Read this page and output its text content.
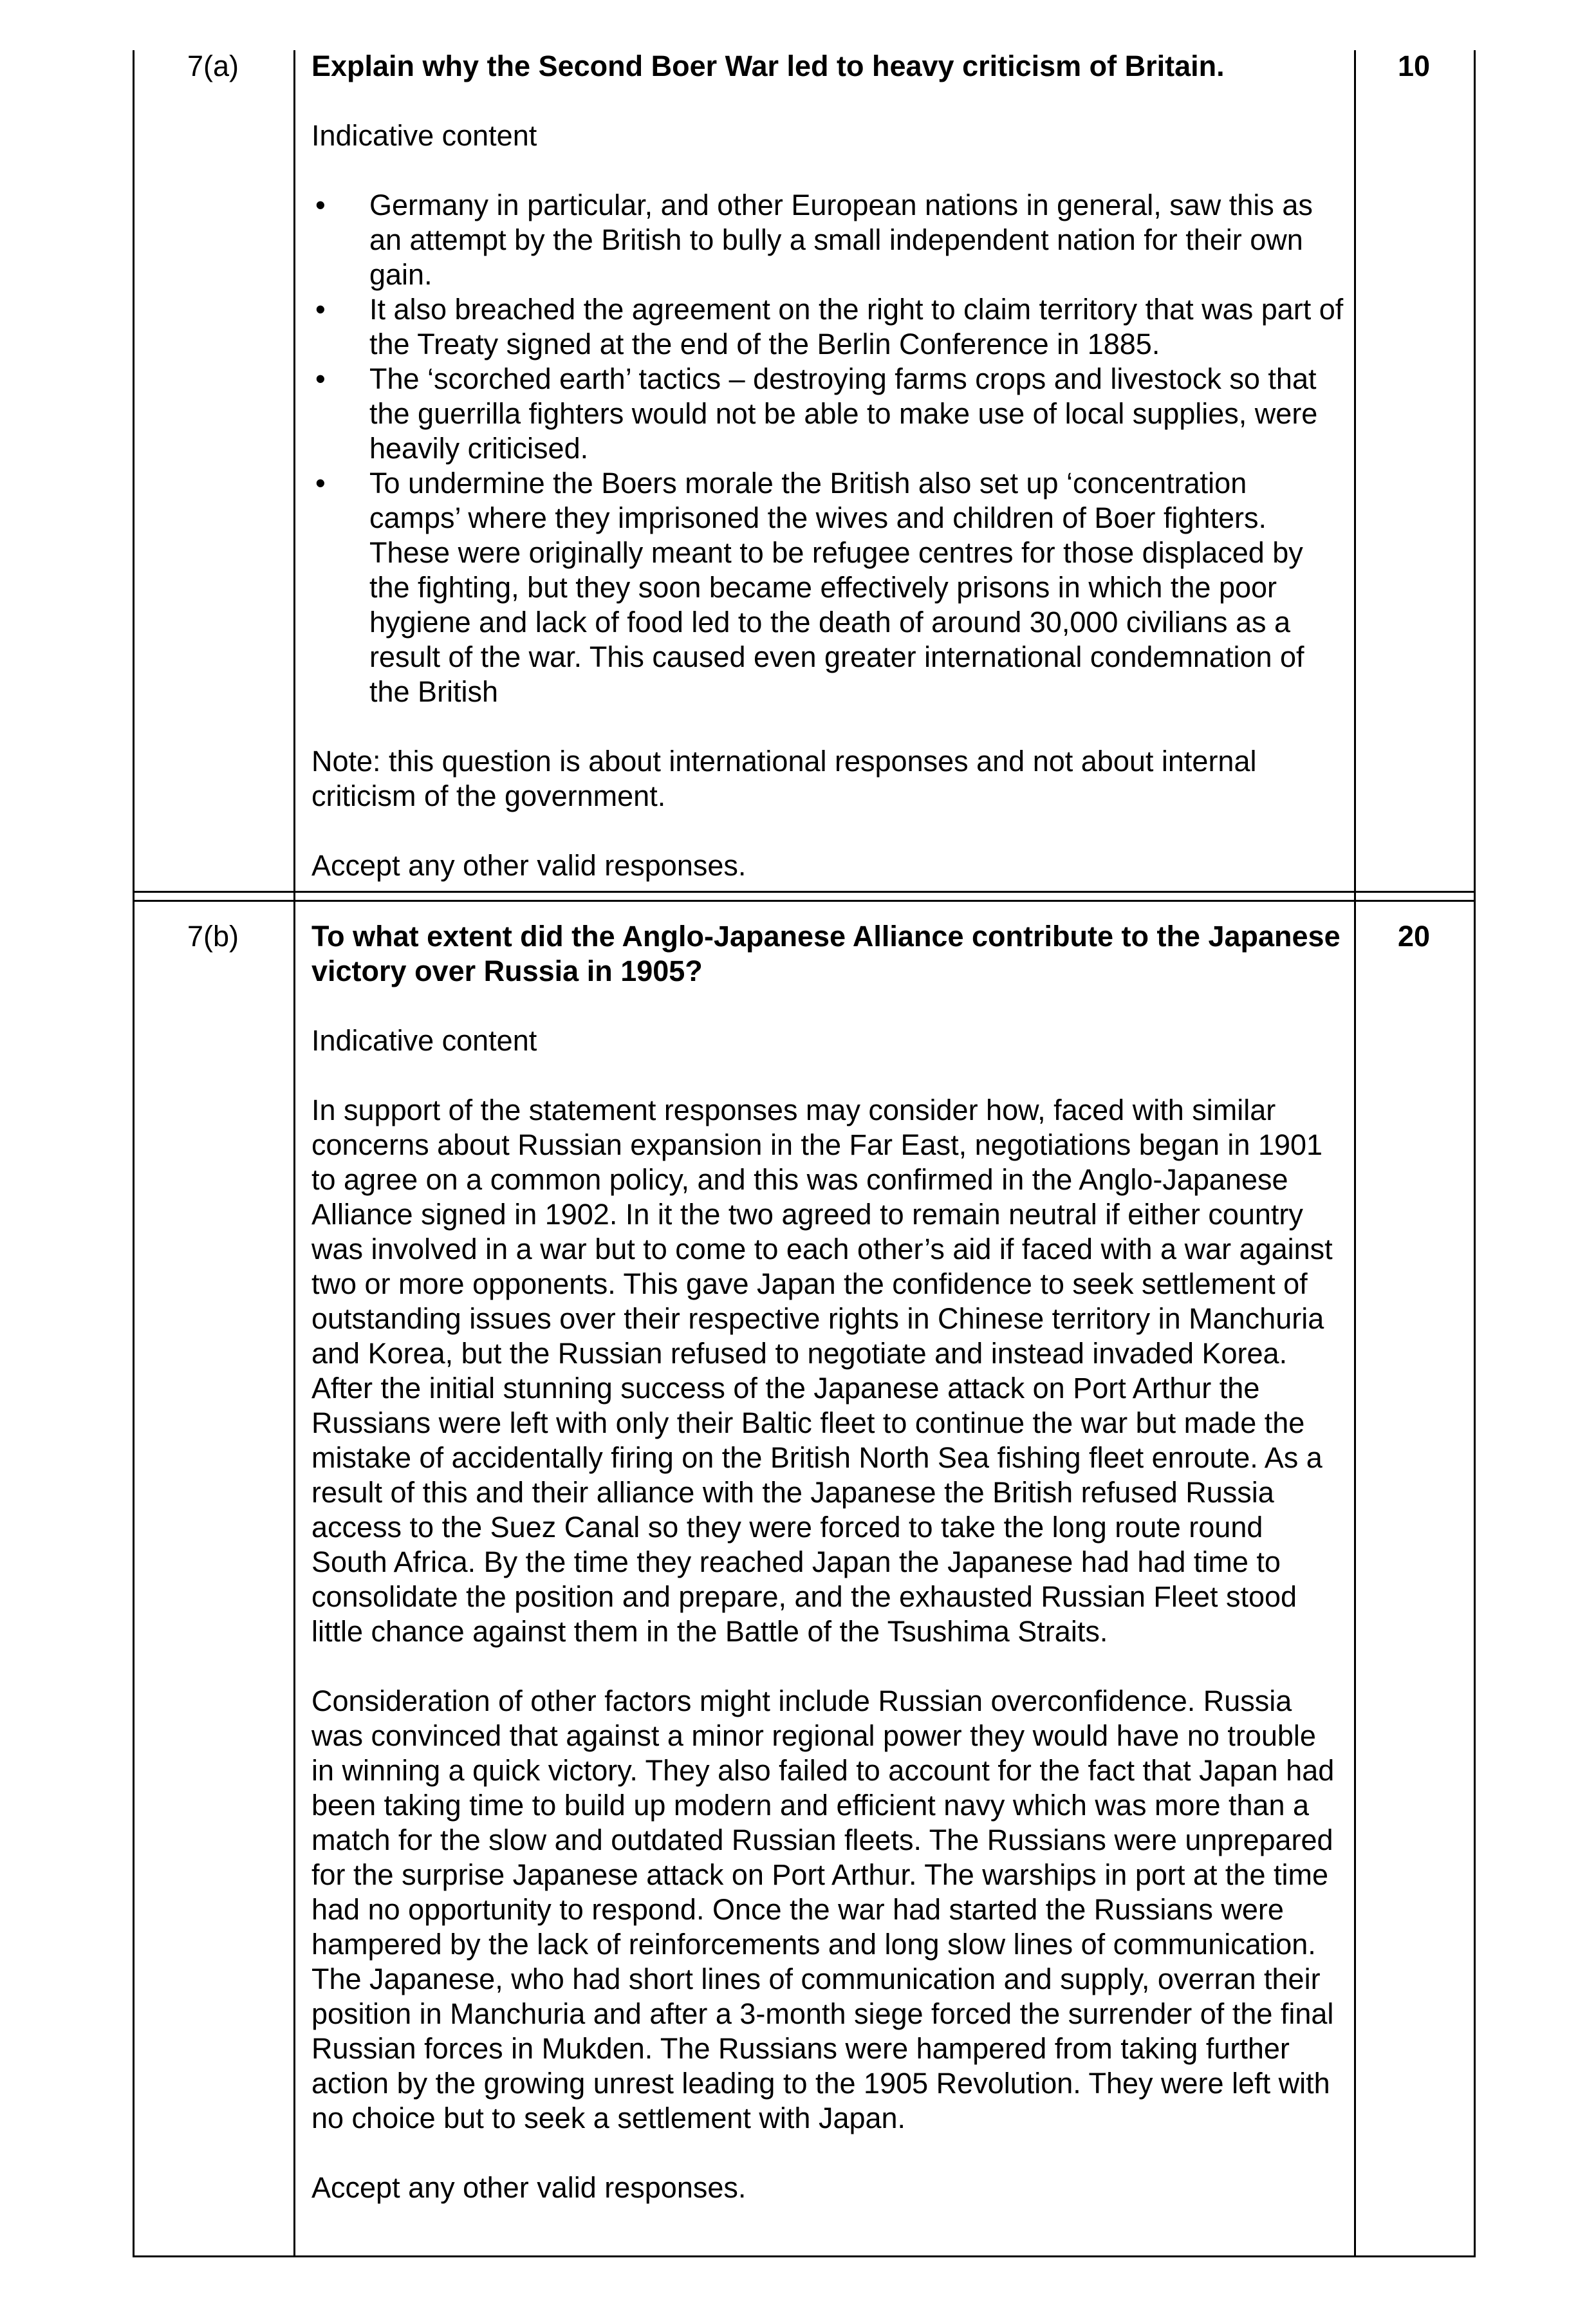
7(a)	10

Explain why the Second Boer War led to heavy criticism of Britain.

Indicative content

• Germany in particular, and other European nations in general, saw this as an attempt by the British to bully a small independent nation for their own gain.
• It also breached the agreement on the right to claim territory that was part of the Treaty signed at the end of the Berlin Conference in 1885.
• The ‘scorched earth’ tactics – destroying farms crops and livestock so that the guerrilla fighters would not be able to make use of local supplies, were heavily criticised.
• To undermine the Boers morale the British also set up ‘concentration camps’ where they imprisoned the wives and children of Boer fighters. These were originally meant to be refugee centres for those displaced by the fighting, but they soon became effectively prisons in which the poor hygiene and lack of food led to the death of around 30,000 civilians as a result of the war. This caused even greater international condemnation of the British

Note: this question is about international responses and not about internal criticism of the government.

Accept any other valid responses.

7(b)	20

To what extent did the Anglo-Japanese Alliance contribute to the Japanese victory over Russia in 1905?

Indicative content

In support of the statement responses may consider how, faced with similar concerns about Russian expansion in the Far East, negotiations began in 1901 to agree on a common policy, and this was confirmed in the Anglo-Japanese Alliance signed in 1902. In it the two agreed to remain neutral if either country was involved in a war but to come to each other’s aid if faced with a war against two or more opponents. This gave Japan the confidence to seek settlement of outstanding issues over their respective rights in Chinese territory in Manchuria and Korea, but the Russian refused to negotiate and instead invaded Korea. After the initial stunning success of the Japanese attack on Port Arthur the Russians were left with only their Baltic fleet to continue the war but made the mistake of accidentally firing on the British North Sea fishing fleet enroute. As a result of this and their alliance with the Japanese the British refused Russia access to the Suez Canal so they were forced to take the long route round South Africa. By the time they reached Japan the Japanese had had time to consolidate the position and prepare, and the exhausted Russian Fleet stood little chance against them in the Battle of the Tsushima Straits.

Consideration of other factors might include Russian overconfidence. Russia was convinced that against a minor regional power they would have no trouble in winning a quick victory. They also failed to account for the fact that Japan had been taking time to build up modern and efficient navy which was more than a match for the slow and outdated Russian fleets. The Russians were unprepared for the surprise Japanese attack on Port Arthur. The warships in port at the time had no opportunity to respond. Once the war had started the Russians were hampered by the lack of reinforcements and long slow lines of communication. The Japanese, who had short lines of communication and supply, overran their position in Manchuria and after a 3-month siege forced the surrender of the final Russian forces in Mukden. The Russians were hampered from taking further action by the growing unrest leading to the 1905 Revolution. They were left with no choice but to seek a settlement with Japan.

Accept any other valid responses.
